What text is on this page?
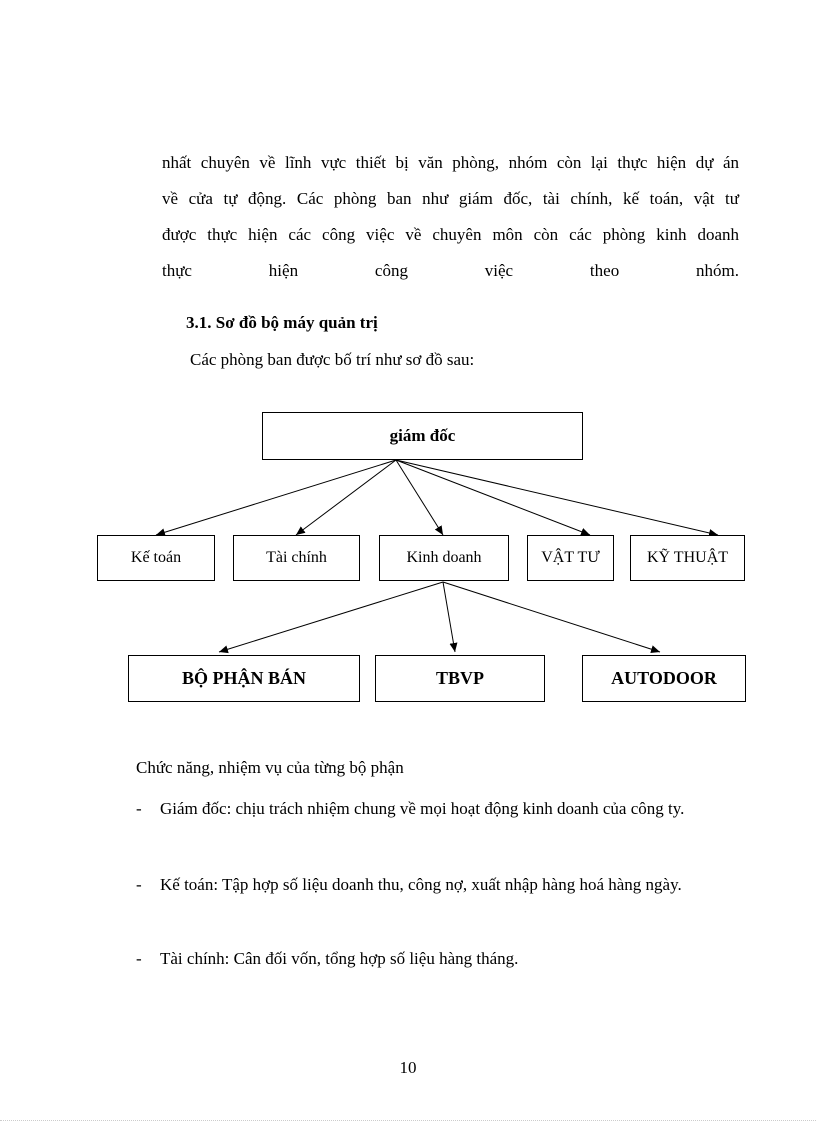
nhất chuyên về lĩnh vực thiết bị văn phòng, nhóm còn lại thực hiện dự án
về cửa tự động. Các phòng ban như giám đốc, tài chính, kế toán, vật tư
được thực hiện các công việc về chuyên môn còn các phòng kinh doanh
thực hiện công việc theo nhóm.
3.1. Sơ đồ bộ máy quản trị
Các phòng ban được bố trí như sơ đồ sau:
giám đốc
Kế toán	Tài chính	Kinh doanh	VẬT TƯ	KỸ THUẬT
BỘ PHẬN BÁN	TBVP	AUTODOOR
Chức năng, nhiệm vụ của từng bộ phận
- Giám đốc: chịu trách nhiệm chung về mọi hoạt động kinh doanh của công ty.
- Kế toán: Tập hợp số liệu doanh thu, công nợ, xuất nhập hàng hoá hàng ngày.
- Tài chính: Cân đối vốn, tổng hợp số liệu hàng tháng.
10
